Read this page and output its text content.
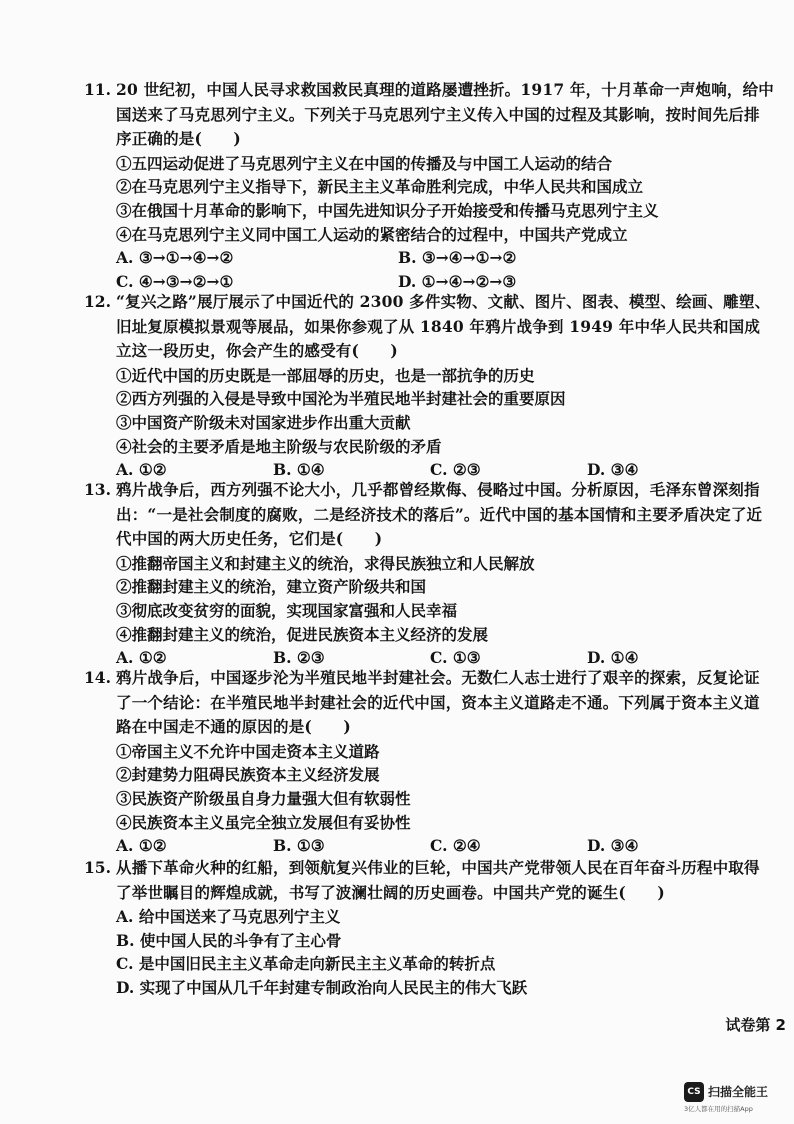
11. 20 世纪初，中国人民寻求救国救民真理的道路屡遭挫折。1917 年，十月革命一声炮响，给中国送来了马克思列宁主义。下列关于马克思列宁主义传入中国的过程及其影响，按时间先后排序正确的是(　　)
①五四运动促进了马克思列宁主义在中国的传播及与中国工人运动的结合
②在马克思列宁主义指导下，新民主主义革命胜利完成，中华人民共和国成立
③在俄国十月革命的影响下，中国先进知识分子开始接受和传播马克思列宁主义
④在马克思列宁主义同中国工人运动的紧密结合的过程中，中国共产党成立
A. ③→①→④→②	B. ③→④→①→②
C. ④→③→②→①	D. ①→④→②→③
12. “复兴之路”展厅展示了中国近代的 2300 多件实物、文献、图片、图表、模型、绘画、雕塑、旧址复原模拟景观等展品，如果你参观了从 1840 年鸦片战争到 1949 年中华人民共和国成立这一段历史，你会产生的感受有(　　)
①近代中国的历史既是一部屈辱的历史，也是一部抗争的历史
②西方列强的入侵是导致中国沦为半殖民地半封建社会的重要原因
③中国资产阶级未对国家进步作出重大贡献
④社会的主要矛盾是地主阶级与农民阶级的矛盾
A. ①②	B. ①④	C. ②③	D. ③④
13. 鸦片战争后，西方列强不论大小，几乎都曾经欺侮、侵略过中国。分析原因，毛泽东曾深刻指出：“一是社会制度的腐败，二是经济技术的落后”。近代中国的基本国情和主要矛盾决定了近代中国的两大历史任务，它们是(　　)
①推翻帝国主义和封建主义的统治，求得民族独立和人民解放
②推翻封建主义的统治，建立资产阶级共和国
③彻底改变贫穷的面貌，实现国家富强和人民幸福
④推翻封建主义的统治，促进民族资本主义经济的发展
A. ①②	B. ②③	C. ①③	D. ①④
14. 鸦片战争后，中国逐步沦为半殖民地半封建社会。无数仁人志士进行了艰辛的探索，反复论证了一个结论：在半殖民地半封建社会的近代中国，资本主义道路走不通。下列属于资本主义道路在中国走不通的原因的是(　　)
①帝国主义不允许中国走资本主义道路
②封建势力阻碍民族资本主义经济发展
③民族资产阶级虽自身力量强大但有软弱性
④民族资本主义虽完全独立发展但有妥协性
A. ①②	B. ①③	C. ②④	D. ③④
15. 从播下革命火种的红船，到领航复兴伟业的巨轮，中国共产党带领人民在百年奋斗历程中取得了举世瞩目的辉煌成就，书写了波澜壮阔的历史画卷。中国共产党的诞生(　　)
A. 给中国送来了马克思列宁主义
B. 使中国人民的斗争有了主心骨
C. 是中国旧民主主义革命走向新民主主义革命的转折点
D. 实现了中国从几千年封建专制政治向人民民主的伟大飞跃
试卷第 2
CS 扫描全能王
3亿人都在用的扫描App
